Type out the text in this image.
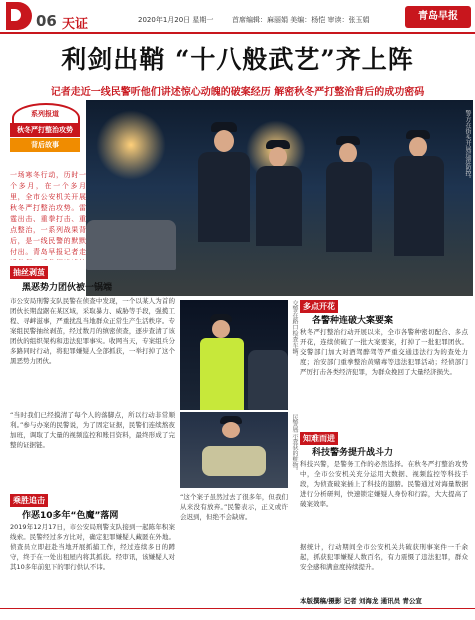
06 天证	2020年1月20日 星期一	首席编辑：麻丽娟 美编：杨恺 审读：张玉娟	青岛早报
利剑出鞘 “十八般武艺”齐上阵
记者走近一线民警听他们讲述惊心动魄的破案经历 解密秋冬严打整治背后的成功密码
系列报道
秋冬严打整治攻势
背后故事	警方在街头开展巡逻防控。
一场寒冬行动，历时一个多月，在一个多月里，全市公安机关开展秋冬严打整治攻势。雷霆出击、重拳打击、重点整治，一系列战果背后，是一线民警的默默付出。青岛早报记者走
抽丝剥茧
黑恶势力团伙被一锅端
市公安局刑警支队民警在侦查中发现，一个以某人为首的团伙长期盘踞在某区域，采取暴力、威胁等手段，强揽工程、寻衅滋事，严重扰乱当地群众正常生产生活秩序。专案组民警抽丝剥茧，经过数月的缜密侦查，逐步查清了该团伙的组织架构和违法犯罪事实。收网当天，专案组兵分多路同时行动，将犯罪嫌疑人全部抓获，一举打掉了这个黑恶势力团伙。
“当时我们已经摸清了每个人的落脚点，所以行动非常顺利。”参与办案的民警说，为了固定证据，民警们连续熬夜加班，调取了大量的视频监控和账目资料，最终形成了完整的证据链。
乘胜追击
作恶10多年“色魔”落网
2019年12月17日，市公安局刑警支队接到一起陈年积案线索。民警经过多方比对，确定犯罪嫌疑人藏匿在外地。侦查员立即赶赴当地开展抓捕工作，经过连续多日的蹲守，终于在一处出租屋内将其抓获。经审讯，该嫌疑人对其10多年前犯下的罪行供认不讳。
交警在路口检查车辆。
民警展示查获的赃物。
“这个案子虽然过去了很多年，但我们从来没有放弃。”民警表示，正义或许会迟到，但绝不会缺席。
多点开花
各警种连破大案要案
秋冬严打整治行动开展以来，全市各警种密切配合、多点开花，连续侦破了一批大案要案，打掉了一批犯罪团伙。交警部门加大对酒驾醉驾等严重交通违法行为的查处力度；治安部门重拳整治黄赌毒等违法犯罪活动；经侦部门严厉打击各类经济犯罪，为群众挽回了大量经济损失。
知难而进
科技警务提升战斗力
科技兴警，是警务工作的必然选择。在秋冬严打整治攻势中，全市公安机关充分运用大数据、视频监控等科技手段，为侦查破案插上了科技的翅膀。民警通过对海量数据进行分析研判，快速锁定嫌疑人身份和行踪，大大提高了破案效率。
据统计，行动期间全市公安机关共破获刑事案件一千余起，抓获犯罪嫌疑人数百名，有力震慑了违法犯罪，群众安全感和满意度持续提升。
本版撰稿/摄影 记者 刘海龙 通讯员 青公宣
